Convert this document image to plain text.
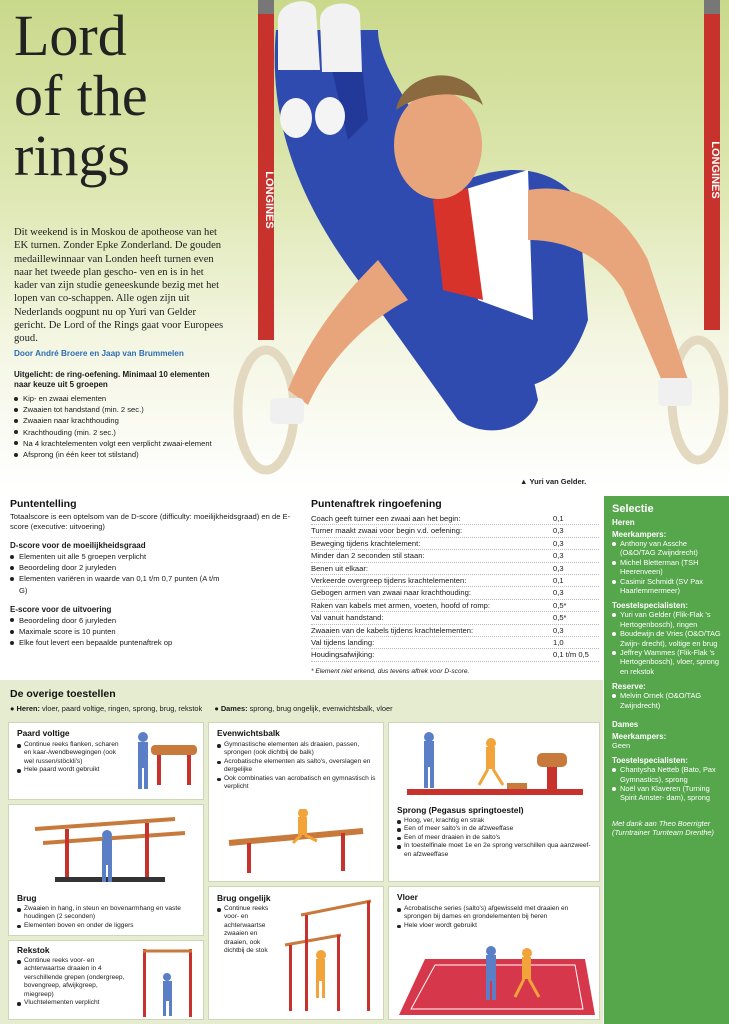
Lord
of the
rings
LONGINES
LONGINES
Dit weekend is in Moskou de apotheose van het EK turnen. Zonder Epke Zonderland. De gouden medaillewinnaar van Londen heeft turnen even naar het tweede plan gescho- ven en is in het kader van zijn studie geneeskunde bezig met het lopen van co-schappen. Alle ogen zijn uit Nederlands oogpunt nu op Yuri van Gelder gericht. De Lord of the Rings gaat voor Europees goud.
Door André Broere en Jaap van Brummelen
Uitgelicht: de ring-oefening. Minimaal 10 elementen naar keuze uit 5 groepen
Kip- en zwaai elementen
Zwaaien tot handstand (min. 2 sec.)
Zwaaien naar krachthouding
Krachthouding (min. 2 sec.)
Na 4 krachtelementen volgt een verplicht zwaai-element
Afsprong (in één keer tot stilstand)
▲ Yuri van Gelder.
Puntentelling
Totaalscore is een optelsom van de D-score (difficulty: moeilijkheidsgraad) en de E-score (executive: uitvoering)
D-score voor de moeilijkheidsgraad
Elementen uit alle 5 groepen verplicht
Beoordeling door 2 juryleden
Elementen variëren in waarde van 0,1 t/m 0,7 punten (A t/m G)
E-score voor de uitvoering
Beoordeling door 6 juryleden
Maximale score is 10 punten
Elke fout levert een bepaalde puntenaftrek op
Puntenaftrek ringoefening
Coach geeft turner een zwaai aan het begin:	0,1
Turner maakt zwaai voor begin v.d. oefening:	0,3
Beweging tijdens krachtelement:	0,3
Minder dan 2 seconden stil staan:	0,3
Benen uit elkaar:	0,3
Verkeerde overgreep tijdens krachtelementen:	0,1
Gebogen armen van zwaai naar krachthouding:	0,3
Raken van kabels met armen, voeten, hoofd of romp:	0,5*
Val vanuit handstand:	0,5*
Zwaaien van de kabels tijdens krachtelementen:	0,3
Val tijdens landing:	1,0
Houdingsafwijking:	0,1 t/m 0,5
* Element niet erkend, dus tevens aftrek voor D-score.
Selectie
Heren
Meerkampers:
Anthony van Assche (O&O/TAG Zwijndrecht)
Michel Bletterman (TSH Heerenveen)
Casimir Schmidt (SV Pax Haarlemmermeer)
Toestelspecialisten:
Yuri van Gelder (Flik-Flak 's Hertogenbosch), ringen
Boudewijn de Vries (O&O/TAG Zwijn- drecht), voltige en brug
Jeffrey Wammes (Flik-Flak 's Hertogenbosch), vloer, sprong en rekstok
Reserve:
Melvin Ornek (O&O/TAG Zwijndrecht)
Dames
Meerkampers:
Geen
Toestelspecialisten:
Chantysha Netteb (Bato, Pax Gymnastics), sprong
Noël van Klaveren (Turning Spirit Amster- dam), sprong
Met dank aan Theo Boerrigter (Turntrainer Turnteam Drenthe)
De overige toestellen
● Heren: vloer, paard voltige, ringen, sprong, brug, rekstok ● Dames: sprong, brug ongelijk, evenwichtsbalk, vloer
Paard voltige
Continue reeks flanken, scharen en kaar-/wendbewegingen (ook wel russen/stöckli's)
Hele paard wordt gebruikt
Brug
Zwaaien in hang, in steun en bovenarmhang en vaste houdingen (2 seconden)
Elementen boven en onder de liggers
Rekstok
Continue reeks voor- en achterwaartse draaien in 4 verschillende grepen (ondergreep, bovengreep, afwijkgreep, miegreep)
Vluchtelementen verplicht
Evenwichtsbalk
Gymnastische elementen als draaien, passen, sprongen (ook dichtbij de balk)
Acrobatische elementen als salto's, overslagen en dergelijke
Ook combinaties van acrobatisch en gymnastisch is verplicht
Brug ongelijk
Continue reeks voor- en achterwaartse zwaaien en draaien, ook dichtbij de stok
Sprong (Pegasus springtoestel)
Hoog, ver, krachtig en strak
Een of meer salto's in de afzweeffase
Een of meer draaien in de salto's
In toestelfinale moet 1e en 2e sprong verschillen qua aanzweef- en afzweeffase
Vloer
Acrobatische series (salto's) afgewisseld met draaien en sprongen bij dames en grondelementen bij heren
Hele vloer wordt gebruikt
